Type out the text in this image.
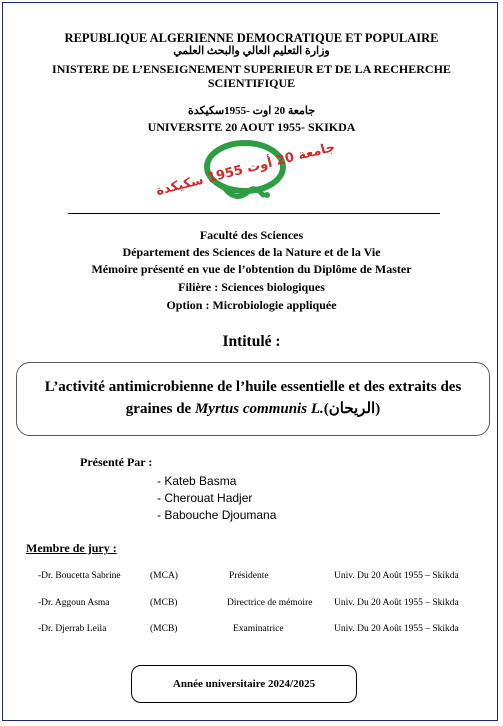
REPUBLIQUE ALGERIENNE DEMOCRATIQUE ET POPULAIRE
وزارة التعليم العالي والبحث العلمي
INISTERE DE L’ENSEIGNEMENT SUPERIEUR ET DE LA RECHERCHE
SCIENTIFIQUE
جامعة 20 اوت -1955سكيكدة
UNIVERSITE 20 AOUT 1955- SKIKDA
جامعة 20 أوت 1955 سكيكدة
Faculté des Sciences
Département des Sciences de la Nature et de la Vie
Mémoire présenté en vue de l’obtention du Diplôme de Master
Filière : Sciences biologiques
Option : Microbiologie appliquée
Intitulé :
L’activité antimicrobienne de l’huile essentielle et des extraits des
graines de Myrtus communis L.(الريحان)
Présenté Par :
- Kateb Basma
- Cherouat Hadjer
- Babouche Djoumana
Membre de jury :
-Dr. Boucetta Sabrine	(MCA)	Présidente	Univ. Du 20 Août 1955 – Skikda
-Dr. Aggoun Asma	(MCB)	Directrice de mémoire Univ. Du 20 Août 1955 – Skikda
-Dr. Djerrab Leila	(MCB)	Examinatrice	Univ. Du 20 Août 1955 – Skikda
Année universitaire 2024/2025
